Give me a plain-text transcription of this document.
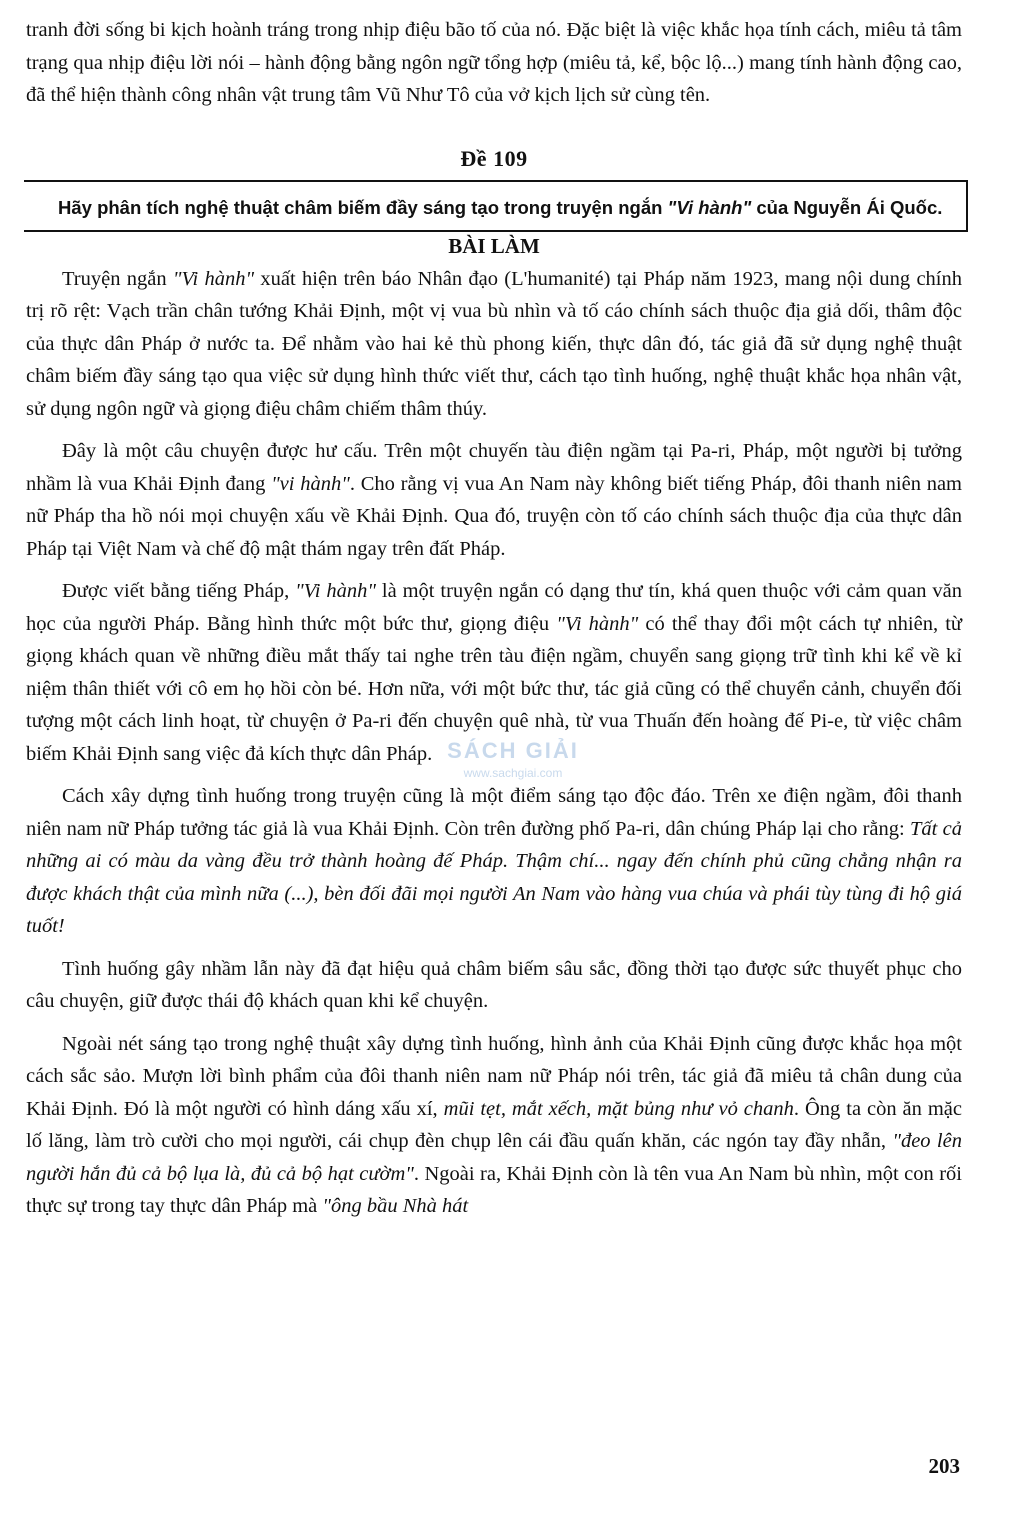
tranh đời sống bi kịch hoành tráng trong nhịp điệu bão tố của nó. Đặc biệt là việc khắc họa tính cách, miêu tả tâm trạng qua nhịp điệu lời nói – hành động bằng ngôn ngữ tổng hợp (miêu tả, kể, bộc lộ...) mang tính hành động cao, đã thể hiện thành công nhân vật trung tâm Vũ Như Tô của vở kịch lịch sử cùng tên.

Đề 109
Hãy phân tích nghệ thuật châm biếm đầy sáng tạo trong truyện ngắn "Vi hành" của Nguyễn Ái Quốc.
BÀI LÀM

Truyện ngắn "Vi hành" xuất hiện trên báo Nhân đạo (L'humanité) tại Pháp năm 1923, mang nội dung chính trị rõ rệt: Vạch trần chân tướng Khải Định, một vị vua bù nhìn và tố cáo chính sách thuộc địa giả dối, thâm độc của thực dân Pháp ở nước ta. Để nhằm vào hai kẻ thù phong kiến, thực dân đó, tác giả đã sử dụng nghệ thuật châm biếm đầy sáng tạo qua việc sử dụng hình thức viết thư, cách tạo tình huống, nghệ thuật khắc họa nhân vật, sử dụng ngôn ngữ và giọng điệu châm chiếm thâm thúy.

Đây là một câu chuyện được hư cấu. Trên một chuyến tàu điện ngầm tại Pa-ri, Pháp, một người bị tưởng nhầm là vua Khải Định đang "vi hành". Cho rằng vị vua An Nam này không biết tiếng Pháp, đôi thanh niên nam nữ Pháp tha hồ nói mọi chuyện xấu về Khải Định. Qua đó, truyện còn tố cáo chính sách thuộc địa của thực dân Pháp tại Việt Nam và chế độ mật thám ngay trên đất Pháp.

Được viết bằng tiếng Pháp, "Vi hành" là một truyện ngắn có dạng thư tín, khá quen thuộc với cảm quan văn học của người Pháp. Bằng hình thức một bức thư, giọng điệu "Vi hành" có thể thay đổi một cách tự nhiên, từ giọng khách quan về những điều mắt thấy tai nghe trên tàu điện ngầm, chuyển sang giọng trữ tình khi kể về kỉ niệm thân thiết với cô em họ hồi còn bé. Hơn nữa, với một bức thư, tác giả cũng có thể chuyển cảnh, chuyển đối tượng một cách linh hoạt, từ chuyện ở Pa-ri đến chuyện quê nhà, từ vua Thuấn đến hoàng đế Pi-e, từ việc châm biếm Khải Định sang việc đả kích thực dân Pháp.

Cách xây dựng tình huống trong truyện cũng là một điểm sáng tạo độc đáo. Trên xe điện ngầm, đôi thanh niên nam nữ Pháp tưởng tác giả là vua Khải Định. Còn trên đường phố Pa-ri, dân chúng Pháp lại cho rằng: Tất cả những ai có màu da vàng đều trở thành hoàng đế Pháp. Thậm chí... ngay đến chính phủ cũng chẳng nhận ra được khách thật của mình nữa (...), bèn đối đãi mọi người An Nam vào hàng vua chúa và phái tùy tùng đi hộ giá tuốt!

Tình huống gây nhầm lẫn này đã đạt hiệu quả châm biếm sâu sắc, đồng thời tạo được sức thuyết phục cho câu chuyện, giữ được thái độ khách quan khi kể chuyện.

Ngoài nét sáng tạo trong nghệ thuật xây dựng tình huống, hình ảnh của Khải Định cũng được khắc họa một cách sắc sảo. Mượn lời bình phẩm của đôi thanh niên nam nữ Pháp nói trên, tác giả đã miêu tả chân dung của Khải Định. Đó là một người có hình dáng xấu xí, mũi tẹt, mắt xếch, mặt bủng như vỏ chanh. Ông ta còn ăn mặc lố lăng, làm trò cười cho mọi người, cái chụp đèn chụp lên cái đầu quấn khăn, các ngón tay đầy nhẫn, "đeo lên người hắn đủ cả bộ lụa là, đủ cả bộ hạt cườm". Ngoài ra, Khải Định còn là tên vua An Nam bù nhìn, một con rối thực sự trong tay thực dân Pháp mà "ông bầu Nhà hát

SÁCH GIẢI
www.sachgiai.com
203
